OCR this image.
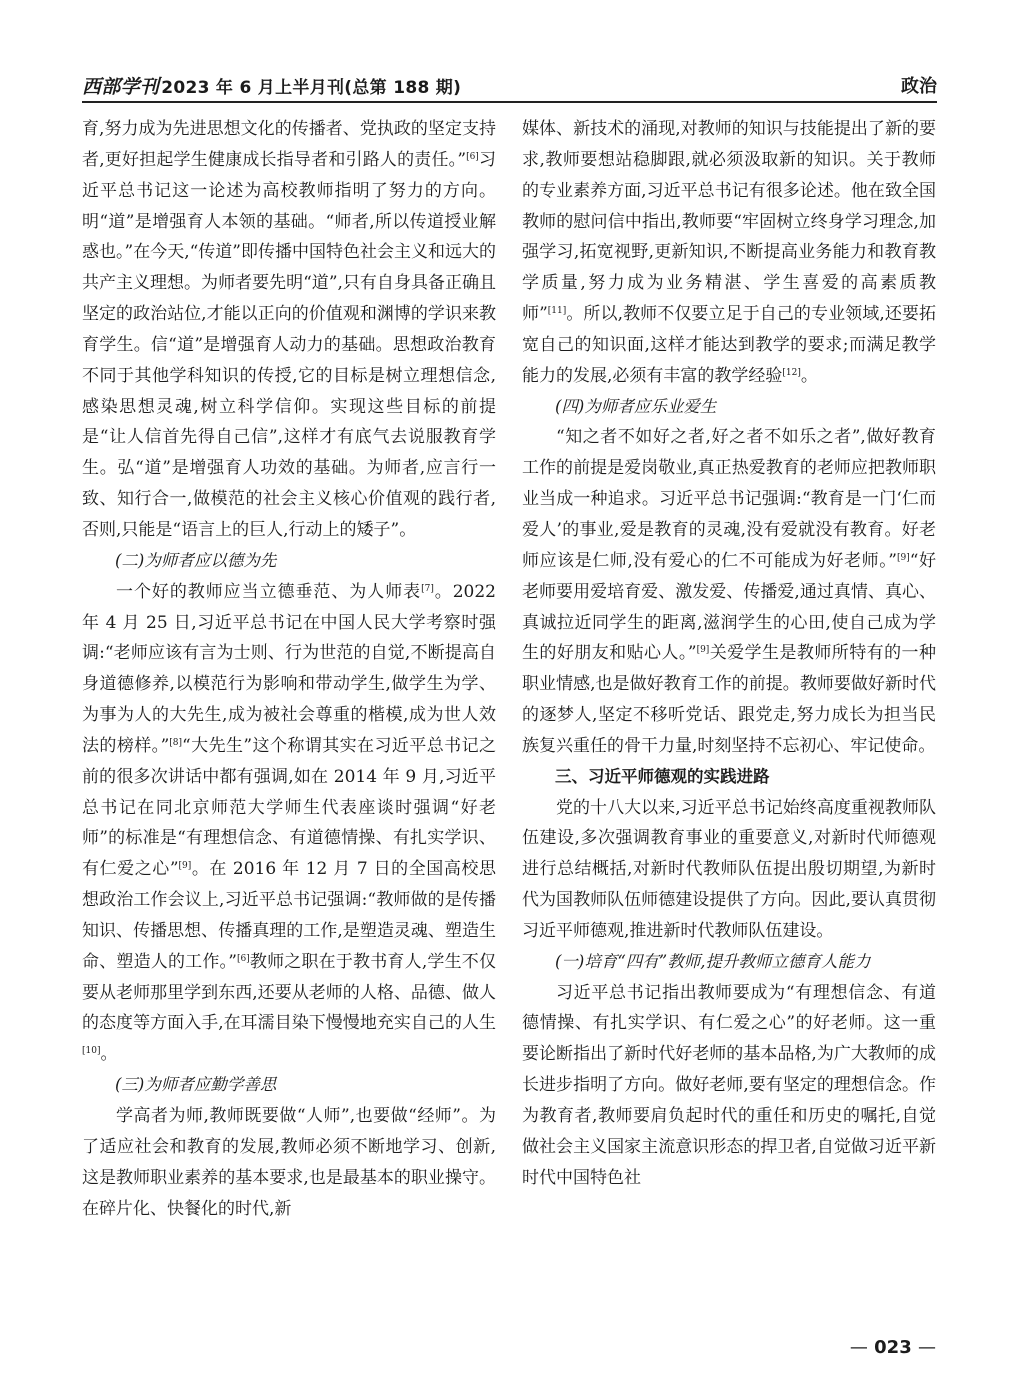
西部学刊 2023 年 6 月上半月刊(总第 188 期)	政治

育,努力成为先进思想文化的传播者、党执政的坚定支持者,更好担起学生健康成长指导者和引路人的责任。”[6]习近平总书记这一论述为高校教师指明了努力的方向。明“道”是增强育人本领的基础。“师者,所以传道授业解惑也。”在今天,“传道”即传播中国特色社会主义和远大的共产主义理想。为师者要先明“道”,只有自身具备正确且坚定的政治站位,才能以正向的价值观和渊博的学识来教育学生。信“道”是增强育人动力的基础。思想政治教育不同于其他学科知识的传授,它的目标是树立理想信念,感染思想灵魂,树立科学信仰。实现这些目标的前提是“让人信首先得自己信”,这样才有底气去说服教育学生。弘“道”是增强育人功效的基础。为师者,应言行一致、知行合一,做模范的社会主义核心价值观的践行者,否则,只能是“语言上的巨人,行动上的矮子”。

(二)为师者应以德为先

一个好的教师应当立德垂范、为人师表[7]。2022 年 4 月 25 日,习近平总书记在中国人民大学考察时强调:“老师应该有言为士则、行为世范的自觉,不断提高自身道德修养,以模范行为影响和带动学生,做学生为学、为事为人的大先生,成为被社会尊重的楷模,成为世人效法的榜样。”[8]“大先生”这个称谓其实在习近平总书记之前的很多次讲话中都有强调,如在 2014 年 9 月,习近平总书记在同北京师范大学师生代表座谈时强调“好老师”的标准是“有理想信念、有道德情操、有扎实学识、有仁爱之心”[9]。在 2016 年 12 月 7 日的全国高校思想政治工作会议上,习近平总书记强调:“教师做的是传播知识、传播思想、传播真理的工作,是塑造灵魂、塑造生命、塑造人的工作。”[6]教师之职在于教书育人,学生不仅要从老师那里学到东西,还要从老师的人格、品德、做人的态度等方面入手,在耳濡目染下慢慢地充实自己的人生[10]。

(三)为师者应勤学善思

学高者为师,教师既要做“人师”,也要做“经师”。为了适应社会和教育的发展,教师必须不断地学习、创新,这是教师职业素养的基本要求,也是最基本的职业操守。在碎片化、快餐化的时代,新

媒体、新技术的涌现,对教师的知识与技能提出了新的要求,教师要想站稳脚跟,就必须汲取新的知识。关于教师的专业素养方面,习近平总书记有很多论述。他在致全国教师的慰问信中指出,教师要“牢固树立终身学习理念,加强学习,拓宽视野,更新知识,不断提高业务能力和教育教学质量,努力成为业务精湛、学生喜爱的高素质教师”[11]。所以,教师不仅要立足于自己的专业领域,还要拓宽自己的知识面,这样才能达到教学的要求;而满足教学能力的发展,必须有丰富的教学经验[12]。

(四)为师者应乐业爱生

“知之者不如好之者,好之者不如乐之者”,做好教育工作的前提是爱岗敬业,真正热爱教育的老师应把教师职业当成一种追求。习近平总书记强调:“教育是一门‘仁而爱人’的事业,爱是教育的灵魂,没有爱就没有教育。好老师应该是仁师,没有爱心的仁不可能成为好老师。”[9]“好老师要用爱培育爱、激发爱、传播爱,通过真情、真心、真诚拉近同学生的距离,滋润学生的心田,使自己成为学生的好朋友和贴心人。”[9]关爱学生是教师所特有的一种职业情感,也是做好教育工作的前提。教师要做好新时代的逐梦人,坚定不移听党话、跟党走,努力成长为担当民族复兴重任的骨干力量,时刻坚持不忘初心、牢记使命。

三、习近平师德观的实践进路

党的十八大以来,习近平总书记始终高度重视教师队伍建设,多次强调教育事业的重要意义,对新时代师德观进行总结概括,对新时代教师队伍提出殷切期望,为新时代为国教师队伍师德建设提供了方向。因此,要认真贯彻习近平师德观,推进新时代教师队伍建设。

(一)培育“四有”教师,提升教师立德育人能力

习近平总书记指出教师要成为“有理想信念、有道德情操、有扎实学识、有仁爱之心”的好老师。这一重要论断指出了新时代好老师的基本品格,为广大教师的成长进步指明了方向。做好老师,要有坚定的理想信念。作为教育者,教师要肩负起时代的重任和历史的嘱托,自觉做社会主义国家主流意识形态的捍卫者,自觉做习近平新时代中国特色社

— 023 —
